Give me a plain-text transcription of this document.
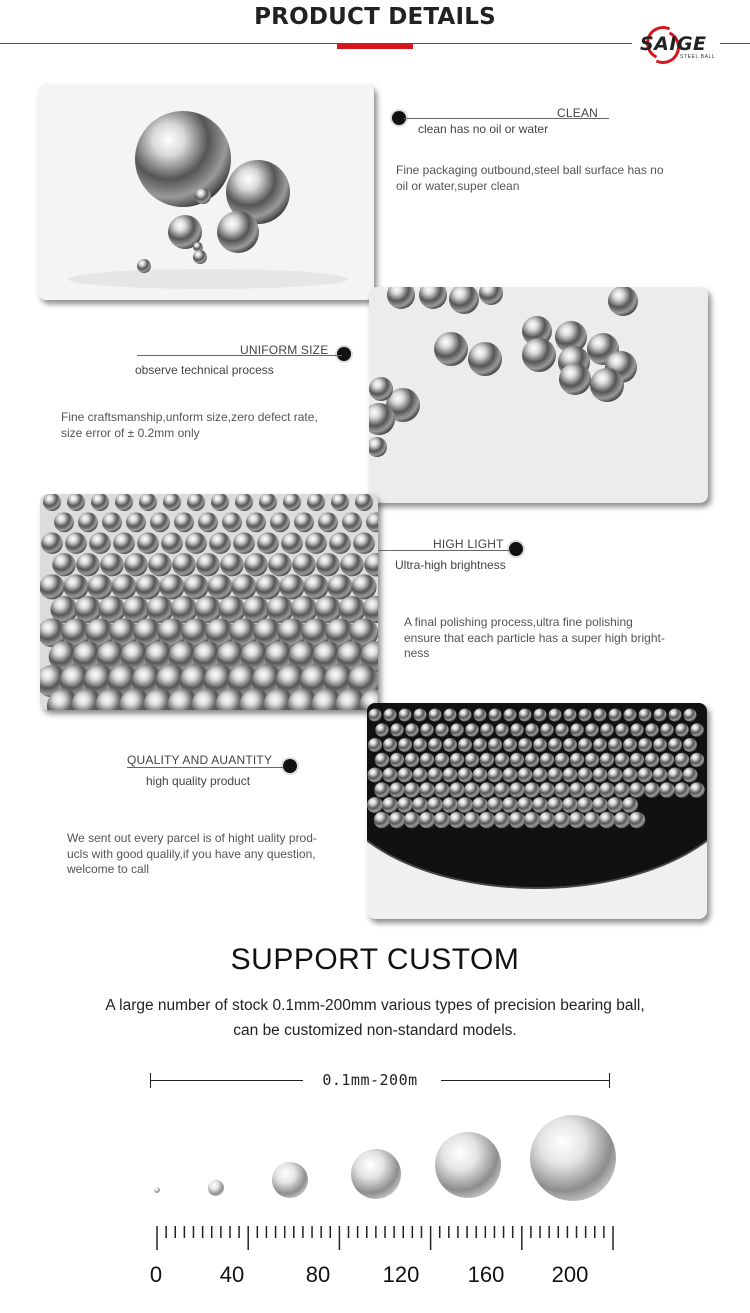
PRODUCT DETAILS
SAIGE
STEEL BALL
CLEAN
clean has no oil or water
Fine packaging outbound,steel ball surface has no
oil or water,super clean
UNIFORM SIZE
observe technical process
Fine craftsmanship,unform size,zero defect rate,
size error of ± 0.2mm only
HIGH LIGHT
Ultra-high brightness
A final polishing process,ultra fine polishing
ensure that each particle has a super high bright-
ness
QUALITY AND AUANTITY
high quality product
We sent out every parcel is of hight uality prod-
ucls with good qualily,if you have any question,
welcome to call
SUPPORT CUSTOM
A large number of stock 0.1mm-200mm various types of precision bearing ball,
can be customized non-standard models.
0.1mm-200m
0	40	80	120	160	200
